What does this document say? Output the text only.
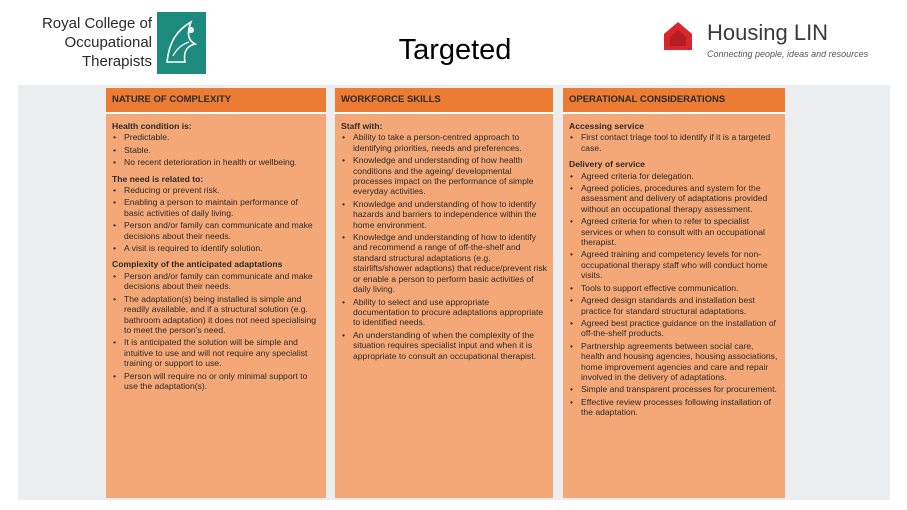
Royal College of
Occupational
Therapists	Targeted
Housing LIN
Connecting people, ideas and resources
NATURE OF COMPLEXITY
Health condition is:
• Predictable.
• Stable.
• No recent deterioration in health or wellbeing.
The need is related to:
• Reducing or prevent risk.
• Enabling a person to maintain performance of basic activities of daily living.
• Person and/or family can communicate and make decisions about their needs.
• A visit is required to identify solution.
Complexity of the anticipated adaptations
• Person and/or family can communicate and make decisions about their needs.
• The adaptation(s) being installed is simple and readily available, and if a structural solution (e.g. bathroom adaptation) it does not need specialising to meet the person's need.
• It is anticipated the solution will be simple and intuitive to use and will not require any specialist training or support to use.
• Person will require no or only minimal support to use the adaptation(s).
WORKFORCE SKILLS
Staff with:
• Ability to take a person-centred approach to identifying priorities, needs and preferences.
• Knowledge and understanding of how health conditions and the ageing/ developmental processes impact on the performance of simple everyday activities.
• Knowledge and understanding of how to identify hazards and barriers to independence within the home environment.
• Knowledge and understanding of how to identify and recommend a range of off-the-shelf and standard structural adaptations (e.g. stairlifts/shower adaptions) that reduce/prevent risk or enable a person to perform basic activities of daily living.
• Ability to select and use appropriate documentation to procure adaptations appropriate to identified needs.
• An understanding of when the complexity of the situation requires specialist input and when it is appropriate to consult an occupational therapist.
OPERATIONAL CONSIDERATIONS
Accessing service
• First contact triage tool to identify if it is a targeted case.
Delivery of service
• Agreed criteria for delegation.
• Agreed policies, procedures and system for the assessment and delivery of adaptations provided without an occupational therapy assessment.
• Agreed criteria for when to refer to specialist services or when to consult with an occupational therapist.
• Agreed training and competency levels for non-occupational therapy staff who will conduct home visits.
• Tools to support effective communication.
• Agreed design standards and installation best practice for standard structural adaptations.
• Agreed best practice guidance on the installation of off-the-shelf products.
• Partnership agreements between social care, health and housing agencies, housing associations, home improvement agencies and care and repair involved in the delivery of adaptations.
• Simple and transparent processes for procurement.
• Effective review processes following installation of the adaptation.
